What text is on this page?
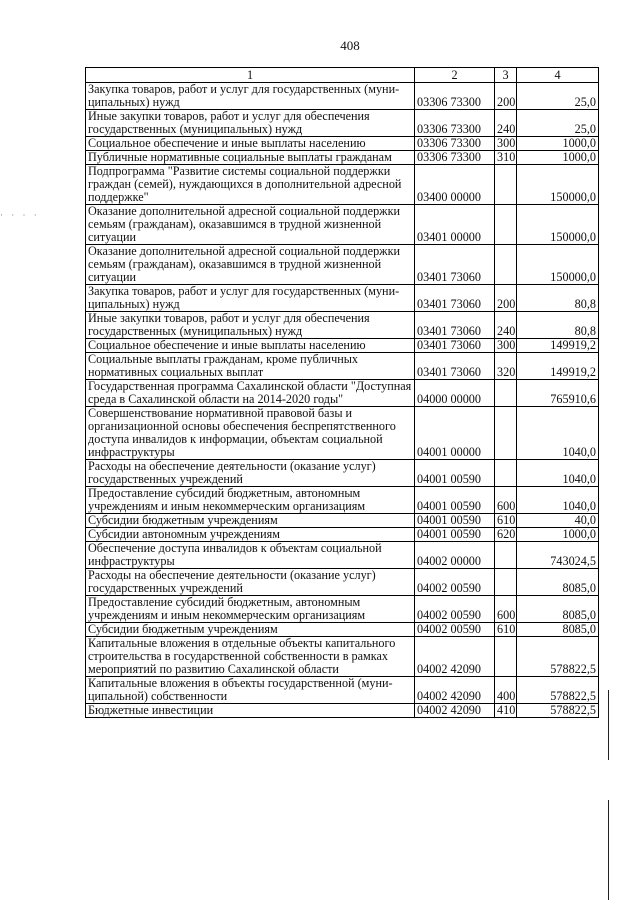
408
· · · ·
1	2	3	4
Закупка товаров, работ и услуг для государственных (муни-ципальных) нужд	03306 73300	200	25,0
Иные закупки товаров, работ и услуг для обеспечения государственных (муниципальных) нужд	03306 73300	240	25,0
Социальное обеспечение и иные выплаты населению	03306 73300	300	1000,0
Публичные нормативные социальные выплаты гражданам	03306 73300	310	1000,0
Подпрограмма "Развитие системы социальной поддержки граждан (семей), нуждающихся в дополнительной адресной поддержке"	03400 00000		150000,0
Оказание дополнительной адресной социальной поддержки семьям (гражданам), оказавшимся в трудной жизненной ситуации	03401 00000		150000,0
Оказание дополнительной адресной социальной поддержки семьям (гражданам), оказавшимся в трудной жизненной ситуации	03401 73060		150000,0
Закупка товаров, работ и услуг для государственных (муни-ципальных) нужд	03401 73060	200	80,8
Иные закупки товаров, работ и услуг для обеспечения государственных (муниципальных) нужд	03401 73060	240	80,8
Социальное обеспечение и иные выплаты населению	03401 73060	300	149919,2
Социальные выплаты гражданам, кроме публичных нормативных социальных выплат	03401 73060	320	149919,2
Государственная программа Сахалинской области "Доступная среда в Сахалинской области на 2014-2020 годы"	04000 00000		765910,6
Совершенствование нормативной правовой базы и организационной основы обеспечения беспрепятственного доступа инвалидов к информации, объектам социальной инфраструктуры	04001 00000		1040,0
Расходы на обеспечение деятельности (оказание услуг) государственных учреждений	04001 00590		1040,0
Предоставление субсидий бюджетным, автономным учреждениям и иным некоммерческим организациям	04001 00590	600	1040,0
Субсидии бюджетным учреждениям	04001 00590	610	40,0
Субсидии автономным учреждениям	04001 00590	620	1000,0
Обеспечение доступа инвалидов к объектам социальной инфраструктуры	04002 00000		743024,5
Расходы на обеспечение деятельности (оказание услуг) государственных учреждений	04002 00590		8085,0
Предоставление субсидий бюджетным, автономным учреждениям и иным некоммерческим организациям	04002 00590	600	8085,0
Субсидии бюджетным учреждениям	04002 00590	610	8085,0
Капитальные вложения в отдельные объекты капитального строительства в государственной собственности в рамках мероприятий по развитию Сахалинской области	04002 42090		578822,5
Капитальные вложения в объекты государственной (муни-ципальной) собственности	04002 42090	400	578822,5
Бюджетные инвестиции	04002 42090	410	578822,5
